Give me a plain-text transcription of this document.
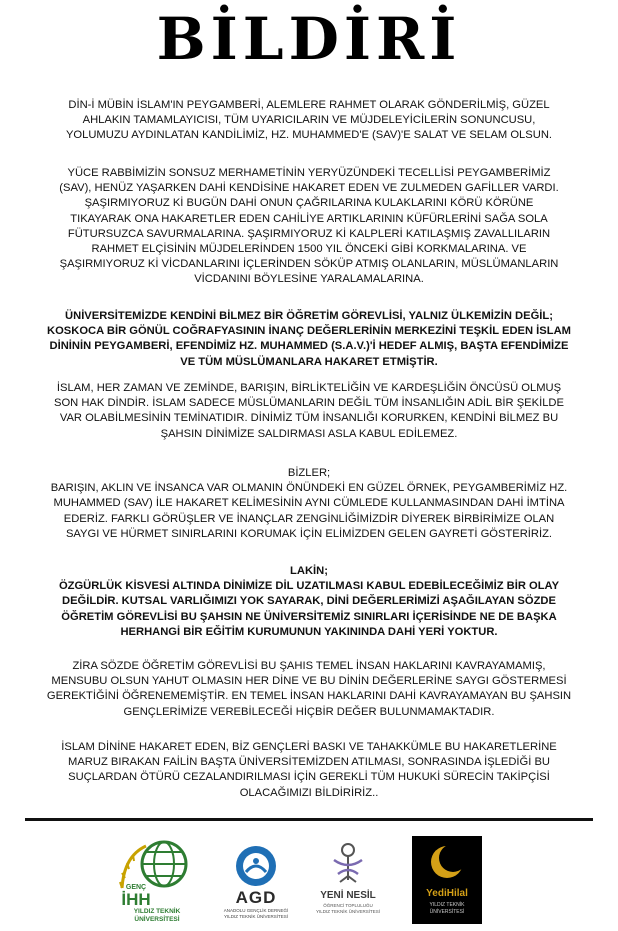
BİLDİRİ
DİN-İ MÜBİN İSLAM'IN PEYGAMBERİ, ALEMLERE RAHMET OLARAK GÖNDERİLMİŞ, GÜZEL
AHLAKIN TAMAMLAYICISI, TÜM UYARICILARIN VE MÜJDELEYİCİLERİN SONUNCUSU,
YOLUMUZU AYDINLATAN KANDİLİMİZ, HZ. MUHAMMED'E (SAV)'E SALAT VE SELAM OLSUN.
YÜCE RABBİMİZİN SONSUZ MERHAMETİNİN YERYÜZÜNDEKİ TECELLİSİ PEYGAMBERİMİZ
(SAV), HENÜZ YAŞARKEN DAHİ KENDİSİNE HAKARET EDEN VE ZULMEDEN GAFİLLER VARDI.
ŞAŞIRMIYORUZ Kİ BUGÜN DAHİ ONUN ÇAĞRILARINA KULAKLARINI KÖRÜ KÖRÜNE
TIKAYARAK ONA HAKARETLER EDEN CAHİLİYE ARTIKLARININ KÜFÜRLERİNİ SAĞA SOLA
FÜTURSUZCA SAVURMALARINA. ŞAŞIRMIYORUZ Kİ KALPLERİ KATILAŞMIŞ ZAVALLILARIN
RAHMET ELÇİSİNİN MÜJDELERİNDEN 1500 YIL ÖNCEKİ GİBİ KORKMALARINA. VE
ŞAŞIRMIYORUZ Kİ VİCDANLARINI İÇLERİNDEN SÖKÜP ATMIŞ OLANLARIN, MÜSLÜMANLARIN
VİCDANINI BÖYLESİNE YARALAMALARINA.
ÜNİVERSİTEMİZDE KENDİNİ BİLMEZ BİR ÖĞRETİM GÖREVLİSİ, YALNIZ ÜLKEMİZİN DEĞİL;
KOSKOCA BİR GÖNÜL COĞRAFYASININ İNANÇ DEĞERLERİNİN MERKEZİNİ TEŞKİL EDEN İSLAM
DİNİNİN PEYGAMBERİ, EFENDİMİZ HZ. MUHAMMED (S.A.V.)'İ HEDEF ALMIŞ, BAŞTA EFENDİMİZE
VE TÜM MÜSLÜMANLARA HAKARET ETMİŞTİR.
İSLAM, HER ZAMAN VE ZEMİNDE, BARIŞIN, BİRLİKTELİĞİN VE KARDEŞLİĞİN ÖNCÜSÜ OLMUŞ
SON HAK DİNDİR. İSLAM SADECE MÜSLÜMANLARIN DEĞİL TÜM İNSANLIĞIN ADİL BİR ŞEKİLDE
VAR OLABİLMESİNİN TEMİNATIDIR. DİNİMİZ TÜM İNSANLIĞI KORURKEN, KENDİNİ BİLMEZ BU
ŞAHSIN DİNİMİZE SALDIRMASI ASLA KABUL EDİLEMEZ.
BİZLER;
BARIŞIN, AKLIN VE İNSANCA VAR OLMANIN ÖNÜNDEKİ EN GÜZEL ÖRNEK, PEYGAMBERİMİZ HZ.
MUHAMMED (SAV) İLE HAKARET KELİMESİNİN AYNI CÜMLEDE KULLANMASINDAN DAHİ İMTİNA
EDERİZ. FARKLI GÖRÜŞLER VE İNANÇLAR ZENGİNLİĞİMİZDİR DİYEREK BİRBİRİMİZE OLAN
SAYGI VE HÜRMET SINIRLARINI KORUMAK İÇİN ELİMİZDEN GELEN GAYRETİ GÖSTERİRİZ.
LAKİN;
ÖZGÜRLÜK KİSVESİ ALTINDA DİNİMİZE DİL UZATILMASI KABUL EDEBİLECEĞİMİZ BİR OLAY
DEĞİLDİR. KUTSAL VARLIĞIMIZI YOK SAYARAK, DİNİ DEĞERLERİMİZİ AŞAĞILAYAN SÖZDE
ÖĞRETİM GÖREVLİSİ BU ŞAHSIN NE ÜNİVERSİTEMİZ SINIRLARI İÇERİSİNDE NE DE BAŞKA
HERHANGİ BİR EĞİTİM KURUMUNUN YAKININDA DAHİ YERİ YOKTUR.
ZİRA SÖZDE ÖĞRETİM GÖREVLİSİ BU ŞAHIS TEMEL İNSAN HAKLARINI KAVRAYAMAMIŞ,
MENSUBU OLSUN YAHUT OLMASIN HER DİNE VE BU DİNİN DEĞERLERİNE SAYGI GÖSTERMESİ
GEREKTİĞİNİ ÖĞRENEMEMİŞTİR. EN TEMEL İNSAN HAKLARINI DAHİ KAVRAYAMAYAN BU ŞAHSIN
GENÇLERİMİZE VEREBİLECEĞİ HİÇBİR DEĞER BULUNMAMAKTADIR.
İSLAM DİNİNE HAKARET EDEN, BİZ GENÇLERİ BASKI VE TAHAKKÜMLE BU HAKARETLERİNE
MARUZ BIRAKAN FAİLİN BAŞTA ÜNİVERSİTEMİZDEN ATILMASI, SONRASINDA İŞLEDİĞİ BU
SUÇLARDAN ÖTÜRÜ CEZALANDIRILMASI İÇİN GEREKLİ TÜM HUKUKİ SÜRECİN TAKİPÇİSİ
OLACAĞIMIZI BİLDİRİRİZ..
GENÇ
İHH
YILDIZ TEKNİK
ÜNİVERSİTESİ
AGD
ANADOLU GENÇLİK DERNEĞİ
YILDIZ TEKNİK ÜNİVERSİTESİ
YENİ NESİL
ÖĞRENCİ TOPLULUĞU
YILDIZ TEKNİK ÜNİVERSİTESİ
YediHilal
YILDIZ TEKNİK
ÜNİVERSİTESİ
